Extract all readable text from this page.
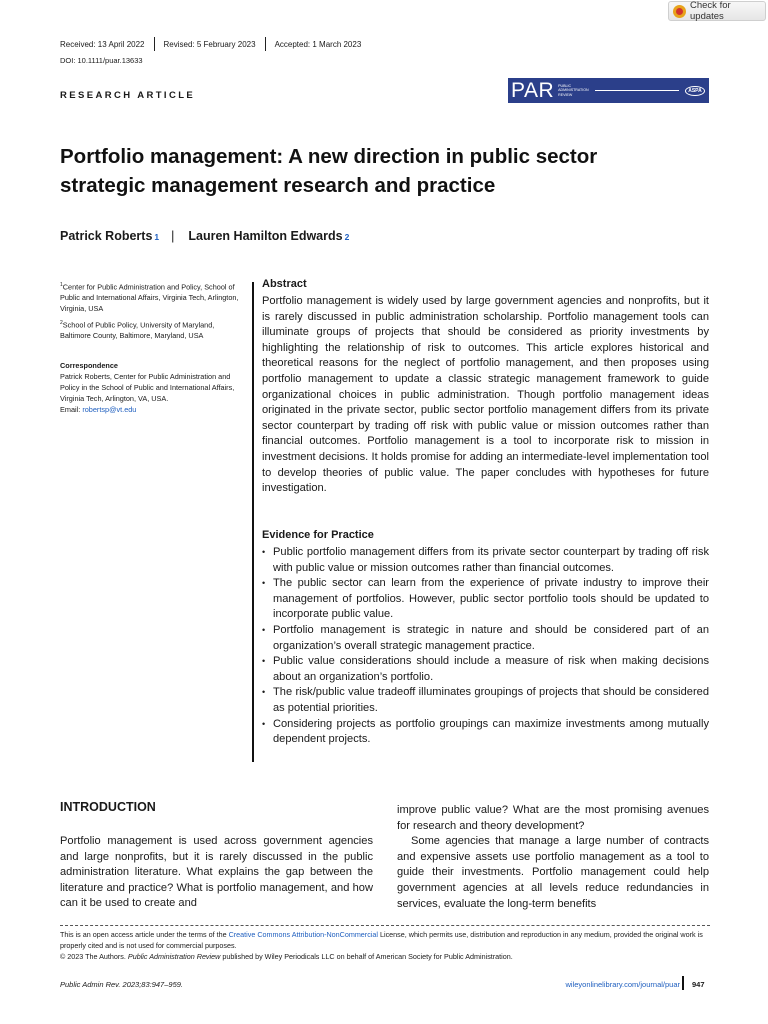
Check for updates
Received: 13 April 2022 Revised: 5 February 2023 Accepted: 1 March 2023
DOI: 10.1111/puar.13633
RESEARCH ARTICLE	PAR PUBLIC
ADMINISTRATION
REVIEW
ASPA
Portfolio management: A new direction in public sector strategic management research and practice
Patrick Roberts 1 | Lauren Hamilton Edwards 2
$^1$Center for Public Administration and Policy, School of Public and International Affairs, Virginia Tech, Arlington, Virginia, USA
$^2$School of Public Policy, University of Maryland, Baltimore County, Baltimore, Maryland, USA
Correspondence
Patrick Roberts, Center for Public Administration and Policy in the School of Public and International Affairs, Virginia Tech, Arlington, VA, USA.
Email: robertsp@vt.edu
Abstract

Portfolio management is widely used by large government agencies and nonprofits, but it is rarely discussed in public administration scholarship. Portfolio management tools can illuminate groups of projects that should be considered as priority investments by highlighting the relationship of risk to outcomes. This article explores historical and theoretical reasons for the neglect of portfolio management, and then proposes using portfolio management to update a classic strategic management framework to guide organizational choices in public administration. Though portfolio management ideas originated in the private sector, public sector portfolio management differs from its private sector counterpart by trading off risk with public value or mission outcomes rather than financial outcomes. Portfolio management is a tool to incorporate risk to mission in investment decisions. It holds promise for adding an intermediate-level implementation tool to develop theories of public value. The paper concludes with hypotheses for future investigation.

Evidence for Practice
• Public portfolio management differs from its private sector counterpart by trading off risk with public value or mission outcomes rather than financial outcomes.
• The public sector can learn from the experience of private industry to improve their management of portfolios. However, public sector portfolio tools should be updated to incorporate public value.
• Portfolio management is strategic in nature and should be considered part of an organization’s overall strategic management practice.
• Public value considerations should include a measure of risk when making decisions about an organization’s portfolio.
• The risk/public value tradeoff illuminates groupings of projects that should be considered as potential priorities.
• Considering projects as portfolio groupings can maximize investments among mutually dependent projects.
INTRODUCTION

Portfolio management is used across government agencies and large nonprofits, but it is rarely discussed in the public administration literature. What explains the gap between the literature and practice? What is portfolio management, and how can it be used to create and

improve public value? What are the most promising avenues for research and theory development?

Some agencies that manage a large number of contracts and expensive assets use portfolio management as a tool to guide their investments. Portfolio management could help government agencies at all levels reduce redundancies in services, evaluate the long-term benefits

This is an open access article under the terms of the Creative Commons Attribution-NonCommercial License, which permits use, distribution and reproduction in any medium, provided the original work is properly cited and is not used for commercial purposes.
© 2023 The Authors. Public Administration Review published by Wiley Periodicals LLC on behalf of American Society for Public Administration.
Public Admin Rev. 2023;83:947–959.	wileyonlinelibrary.com/journal/puar 947
